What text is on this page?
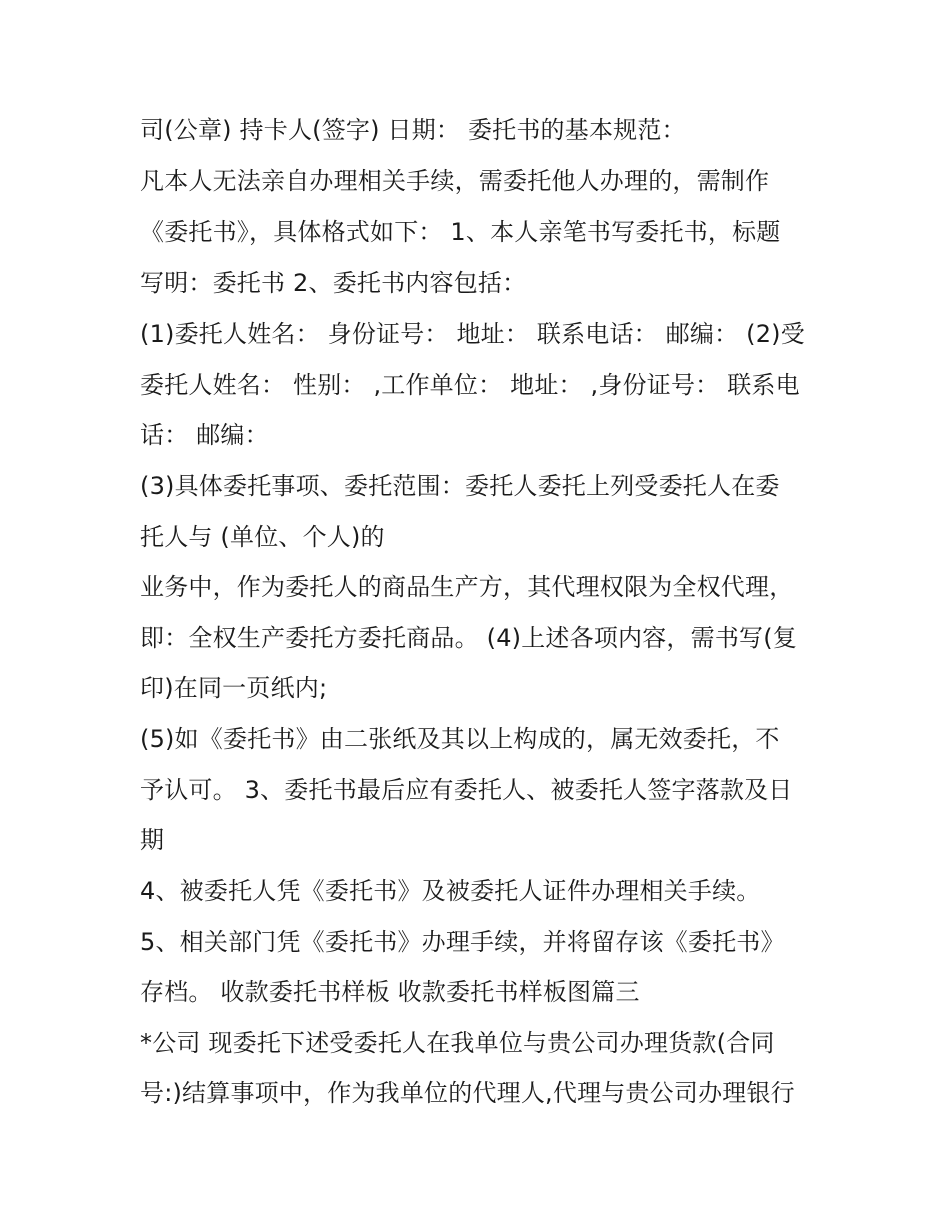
司(公章) 持卡人(签字) 日期： 委托书的基本规范：
凡本人无法亲自办理相关手续，需委托他人办理的，需制作
《委托书》，具体格式如下： 1、本人亲笔书写委托书，标题
写明：委托书 2、委托书内容包括：
(1)委托人姓名： 身份证号： 地址： 联系电话： 邮编： (2)受
委托人姓名： 性别： ,工作单位： 地址： ,身份证号： 联系电
话： 邮编：
(3)具体委托事项、委托范围：委托人委托上列受委托人在委
托人与 (单位、个人)的
业务中，作为委托人的商品生产方，其代理权限为全权代理，
即：全权生产委托方委托商品。 (4)上述各项内容，需书写(复
印)在同一页纸内;
(5)如《委托书》由二张纸及其以上构成的，属无效委托，不
予认可。 3、委托书最后应有委托人、被委托人签字落款及日
期
4、被委托人凭《委托书》及被委托人证件办理相关手续。
5、相关部门凭《委托书》办理手续，并将留存该《委托书》
存档。 收款委托书样板 收款委托书样板图篇三
*公司 现委托下述受委托人在我单位与贵公司办理货款(合同
号:)结算事项中，作为我单位的代理人,代理与贵公司办理银行
